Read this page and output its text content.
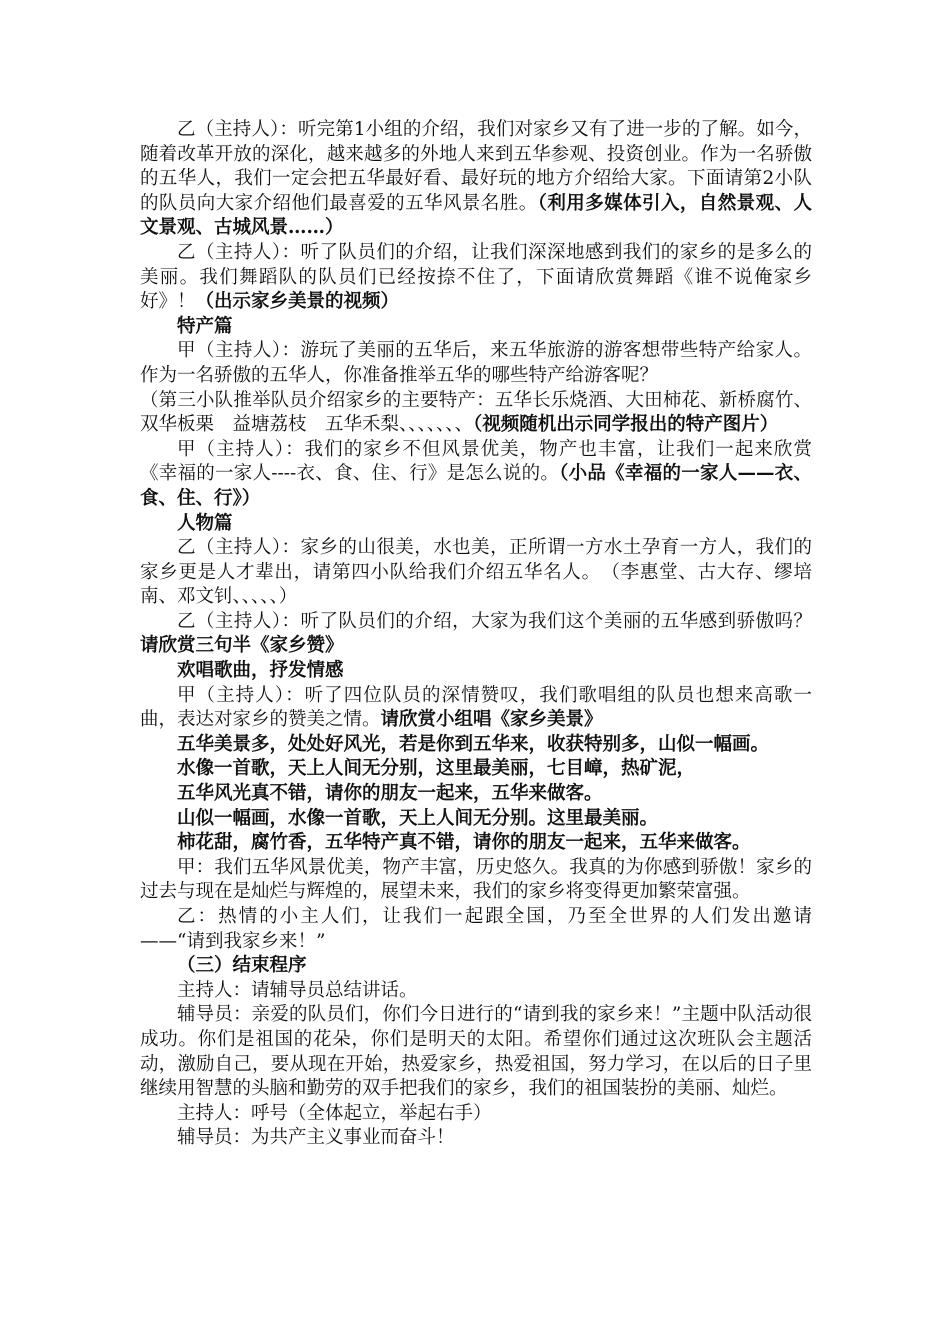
乙（主持人）：听完第1小组的介绍，我们对家乡又有了进一步的了解。如今，随着改革开放的深化，越来越多的外地人来到五华参观、投资创业。作为一名骄傲的五华人，我们一定会把五华最好看、最好玩的地方介绍给大家。下面请第2小队的队员向大家介绍他们最喜爱的五华风景名胜。（利用多媒体引入，自然景观、人文景观、古城风景……）

乙（主持人）：听了队员们的介绍，让我们深深地感到我们的家乡的是多么的美丽。我们舞蹈队的队员们已经按捺不住了，下面请欣赏舞蹈《谁不说俺家乡好》！（出示家乡美景的视频）

特产篇

甲（主持人）：游玩了美丽的五华后，来五华旅游的游客想带些特产给家人。作为一名骄傲的五华人，你准备推举五华的哪些特产给游客呢？

（第三小队推举队员介绍家乡的主要特产：五华长乐烧酒、大田柿花、新桥腐竹、双华板栗　益塘荔枝　五华禾梨、、、、、、、（视频随机出示同学报出的特产图片）

甲（主持人）：我们的家乡不但风景优美，物产也丰富，让我们一起来欣赏《幸福的一家人----衣、食、住、行》是怎么说的。（小品《幸福的一家人——衣、食、住、行》）

人物篇

乙（主持人）：家乡的山很美，水也美，正所谓一方水土孕育一方人，我们的家乡更是人才辈出，请第四小队给我们介绍五华名人。　（李惠堂、古大存、缪培南、邓文钊、、、、、）

乙（主持人）：听了队员们的介绍，大家为我们这个美丽的五华感到骄傲吗？请欣赏三句半《家乡赞》

欢唱歌曲，抒发情感

甲（主持人）：听了四位队员的深情赞叹，我们歌唱组的队员也想来高歌一曲，表达对家乡的赞美之情。请欣赏小组唱《家乡美景》

五华美景多，处处好风光，若是你到五华来，收获特别多，山似一幅画。

水像一首歌，天上人间无分别，这里最美丽，七目嶂，热矿泥，

五华风光真不错，请你的朋友一起来，五华来做客。

山似一幅画，水像一首歌，天上人间无分别。这里最美丽。

柿花甜，腐竹香，五华特产真不错，请你的朋友一起来，五华来做客。

甲：我们五华风景优美，物产丰富，历史悠久。我真的为你感到骄傲！家乡的过去与现在是灿烂与辉煌的，展望未来，我们的家乡将变得更加繁荣富强。

乙：热情的小主人们，让我们一起跟全国，乃至全世界的人们发出邀请——“请到我家乡来！”

（三）结束程序

主持人：请辅导员总结讲话。

辅导员：亲爱的队员们，你们今日进行的“请到我的家乡来！”主题中队活动很成功。你们是祖国的花朵，你们是明天的太阳。希望你们通过这次班队会主题活动，激励自己，要从现在开始，热爱家乡，热爱祖国，努力学习，在以后的日子里继续用智慧的头脑和勤劳的双手把我们的家乡，我们的祖国装扮的美丽、灿烂。

主持人：呼号（全体起立，举起右手）

辅导员：为共产主义事业而奋斗！
